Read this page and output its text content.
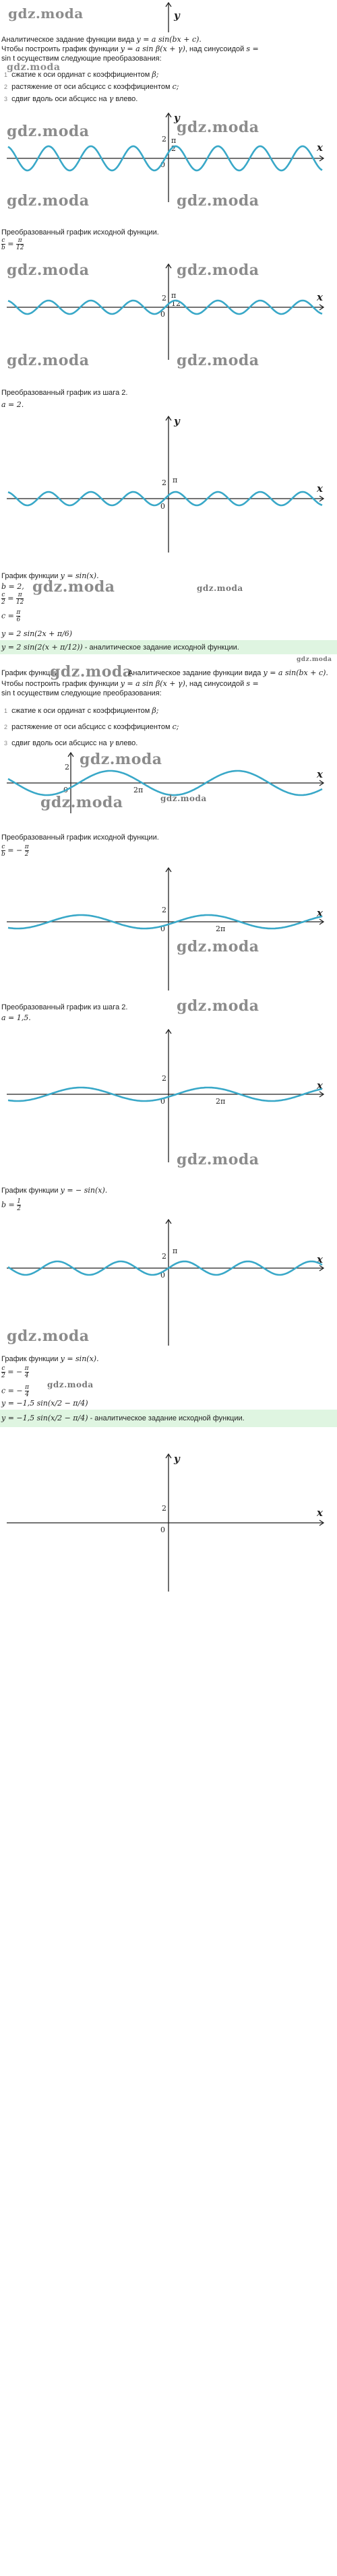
gdz.moda	y
Аналитическое задание функции вида y = a sin(bx + c).
Чтобы построить график функции y = a sin β(x + γ), над синусоидой s =
sin t осуществим следующие преобразования:
gdz.moda
1 сжатие к оси ординат с коэффициентом β;
2 растяжение от оси абсцисс с коэффициентом c;
3 сдвиг вдоль оси абсцисс на γ влево.
x
y
2
0
π
2
gdz.moda
gdz.moda
gdz.moda	gdz.moda
Преобразованный график исходной функции.
$\frac{c}{b} = \frac{\pi}{12}$
x
2
0
π
12
gdz.moda	gdz.moda
gdz.moda	gdz.moda
Преобразованный график из шага 2.
a = 2.
x
y
2
0
π
График функции y = sin(x).
b = 2, gdz.moda	gdz.moda
$\frac{c}{2} = \frac{\pi}{12}$
$c = \frac{\pi}{6}$
y = 2 sin(2x + π/6)
y = 2 sin(2(x + π/12)) - аналитическое задание исходной функции.
gdz.moda
График функции
gdz.moda
Аналитическое задание функции вида y = a sin(bx + c).
Чтобы построить график функции y = a sin β(x + γ), над синусоидой s =
sin t осуществим следующие преобразования:
1 сжатие к оси ординат с коэффициентом β;
2 растяжение от оси абсцисс с коэффициентом c;
3 сдвиг вдоль оси абсцисс на γ влево.
x
2
0	2π
gdz.moda
gdz.moda	gdz.moda
Преобразованный график исходной функции.
$\frac{c}{b}$ = − $\frac{\pi}{2}$
x
2
0	2π
gdz.moda
Преобразованный график из шага 2.
a = 1,5.
gdz.moda
x
2
0	2π
gdz.moda
График функции y = − sin(x).
$b = \frac{1}{2}$
x
2
0
π
gdz.moda
График функции y = sin(x).
$\frac{c}{2}$ = − $\frac{\pi}{4}$
c = − $\frac{\pi}{4}$ gdz.moda
y = −1,5 sin(x/2 − π/4)
y = −1,5 sin(x/2 − π/4) - аналитическое задание исходной функции.
x
y
2
0
